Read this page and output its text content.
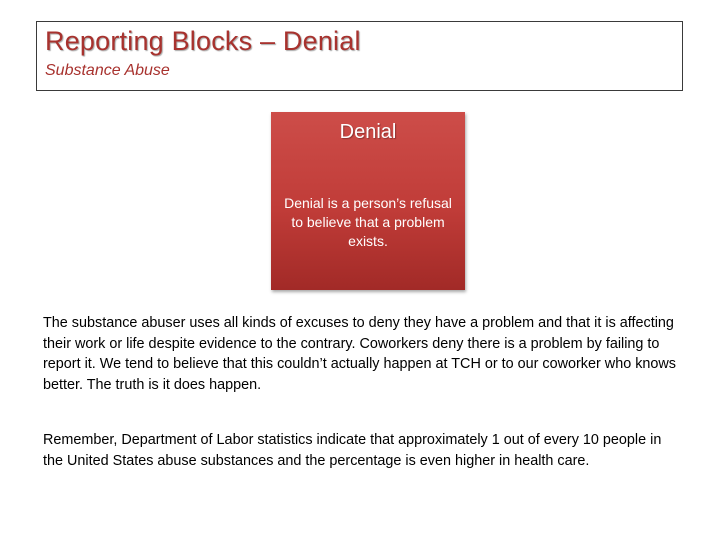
Reporting Blocks – Denial
Substance Abuse
Denial
Denial is a person’s refusal to believe that a problem exists.

The substance abuser uses all kinds of excuses to deny they have a problem and that it is affecting their work or life despite evidence to the contrary. Coworkers deny there is a problem by failing to report it. We tend to believe that this couldn’t actually happen at TCH or to our coworker who knows better. The truth is it does happen.

Remember, Department of Labor statistics indicate that approximately 1 out of every 10 people in the United States abuse substances and the percentage is even higher in health care.
